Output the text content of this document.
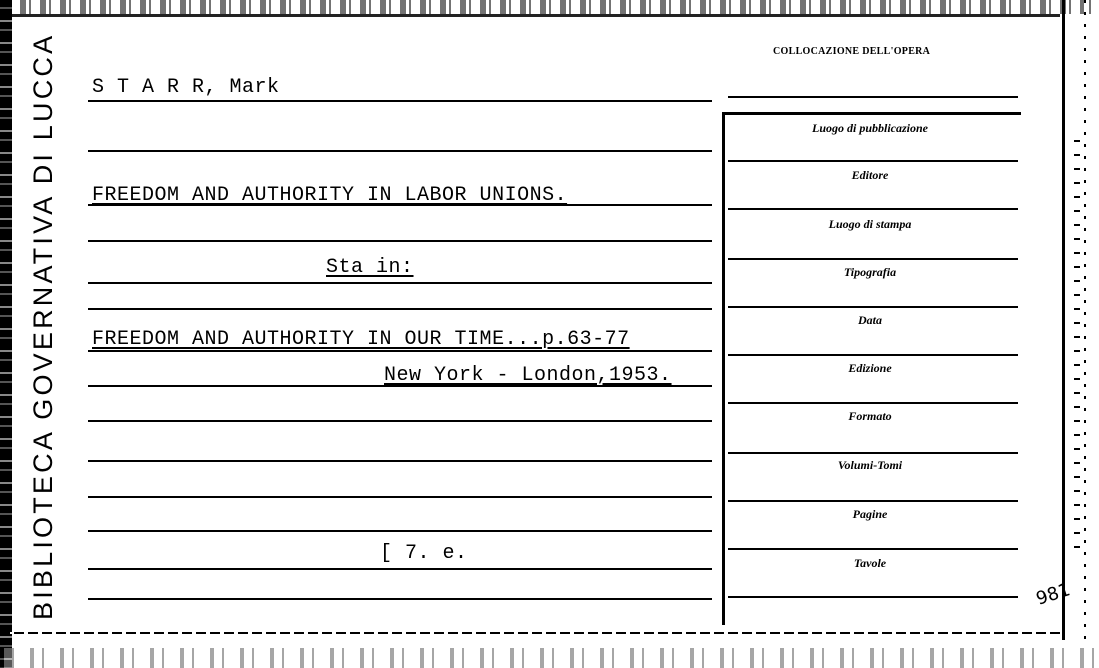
BIBLIOTECA GOVERNATIVA DI LUCCA S T A R R, Mark
FREEDOM AND AUTHORITY IN LABOR UNIONS.
Sta in:
FREEDOM AND AUTHORITY IN OUR TIME...p.63-77
New York - London,1953.
[ 7. e.
COLLOCAZIONE DELL'OPERA
Luogo di pubblicazione
Editore
Luogo di stampa
Tipografia
Data
Edizione
Formato
Volumi-Tomi
Pagine
Tavole
981
